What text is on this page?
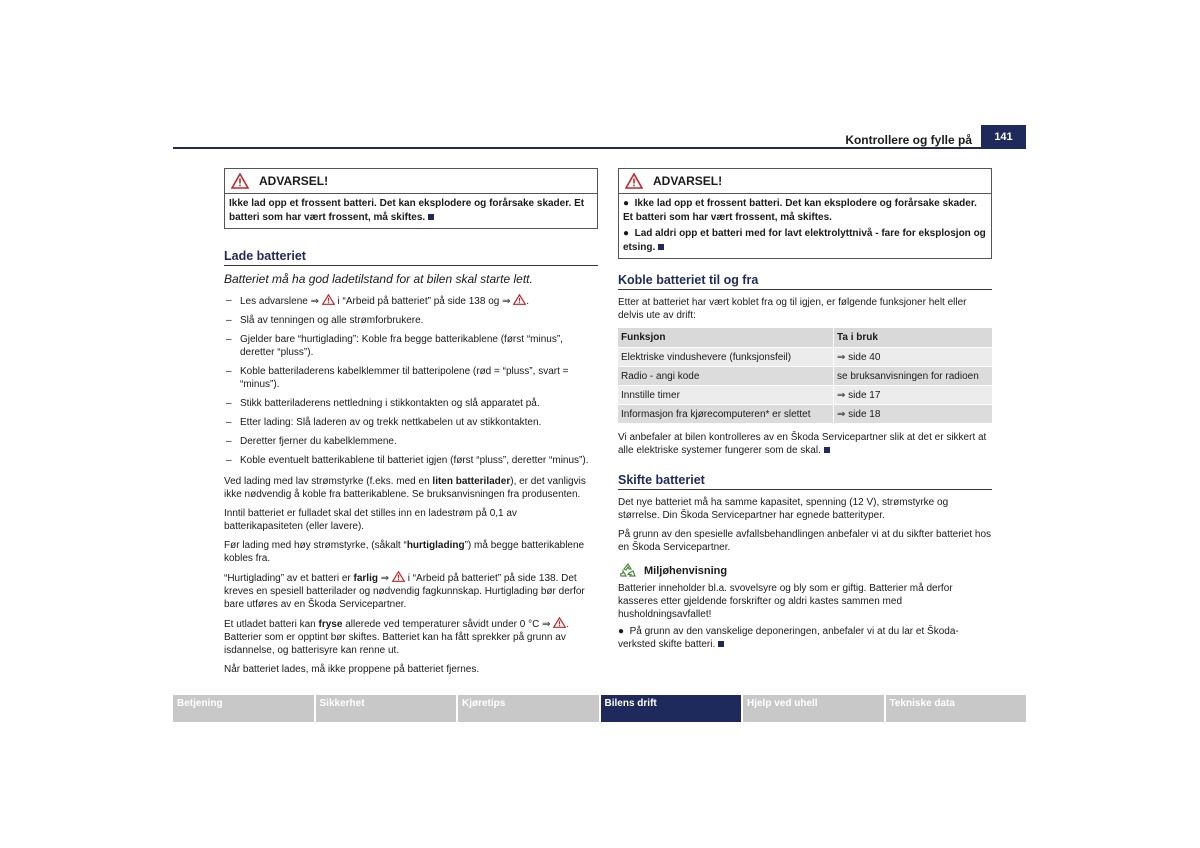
Kontrollere og fylle på	141
ADVARSEL!
Ikke lad opp et frossent batteri. Det kan eksplodere og forårsake skader. Et batteri som har vært frossent, må skiftes.
Lade batteriet

Batteriet må ha god ladetilstand for at bilen skal starte lett.

– Les advarslene ⇒ i “Arbeid på batteriet” på side 138 og ⇒ .
– Slå av tenningen og alle strømforbrukere.
– Gjelder bare “hurtiglading”: Koble fra begge batterikablene (først “minus”, deretter “pluss”).
– Koble batteriladerens kabelklemmer til batteripolene (rød = “pluss”, svart = “minus”).
– Stikk batteriladerens nettledning i stikkontakten og slå apparatet på.
– Etter lading: Slå laderen av og trekk nettkabelen ut av stikkontakten.
– Deretter fjerner du kabelklemmene.
– Koble eventuelt batterikablene til batteriet igjen (først “pluss”, deretter “minus”).

Ved lading med lav strømstyrke (f.eks. med en liten batterilader), er det vanligvis ikke nødvendig å koble fra batterikablene. Se bruksanvisningen fra produsenten.

Inntil batteriet er fulladet skal det stilles inn en ladestrøm på 0,1 av batterikapasiteten (eller lavere).

Før lading med høy strømstyrke, (såkalt “hurtiglading”) må begge batterikablene kobles fra.

“Hurtiglading” av et batteri er farlig ⇒  i “Arbeid på batteriet” på side 138. Det kreves en spesiell batterilader og nødvendig fagkunnskap. Hurtiglading bør derfor bare utføres av en Škoda Servicepartner.

Et utladet batteri kan fryse allerede ved temperaturer såvidt under 0 °C ⇒ . Batterier som er opptint bør skiftes. Batteriet kan ha fått sprekker på grunn av isdannelse, og batterisyre kan renne ut.

Når batteriet lades, må ikke proppene på batteriet fjernes.

ADVARSEL!
●  Ikke lad opp et frossent batteri. Det kan eksplodere og forårsake skader. Et batteri som har vært frossent, må skiftes.
●  Lad aldri opp et batteri med for lavt elektrolyttnivå - fare for eksplosjon og etsing.
Koble batteriet til og fra

Etter at batteriet har vært koblet fra og til igjen, er følgende funksjoner helt eller delvis ute av drift:

Funksjon	Ta i bruk
Elektriske vindushevere (funksjonsfeil)	⇒ side 40
Radio - angi kode	se bruksanvisningen for radioen
Innstille timer	⇒ side 17
Informasjon fra kjørecomputeren* er slettet	⇒ side 18

Vi anbefaler at bilen kontrolleres av en Škoda Servicepartner slik at det er sikkert at alle elektriske systemer fungerer som de skal.

Skifte batteriet

Det nye batteriet må ha samme kapasitet, spenning (12 V), strømstyrke og størrelse. Din Škoda Servicepartner har egnede batterityper.

På grunn av den spesielle avfallsbehandlingen anbefaler vi at du sikfter batteriet hos en Škoda Servicepartner.

Miljøhenvisning

Batterier inneholder bl.a. svovelsyre og bly som er giftig. Batterier må derfor kasseres etter gjeldende forskrifter og aldri kastes sammen med husholdningsavfallet!

●  På grunn av den vanskelige deponeringen, anbefaler vi at du lar et Škoda-verksted skifte batteri.

Betjening	Sikkerhet	Kjøretips	Bilens drift	Hjelp ved uhell	Tekniske data
